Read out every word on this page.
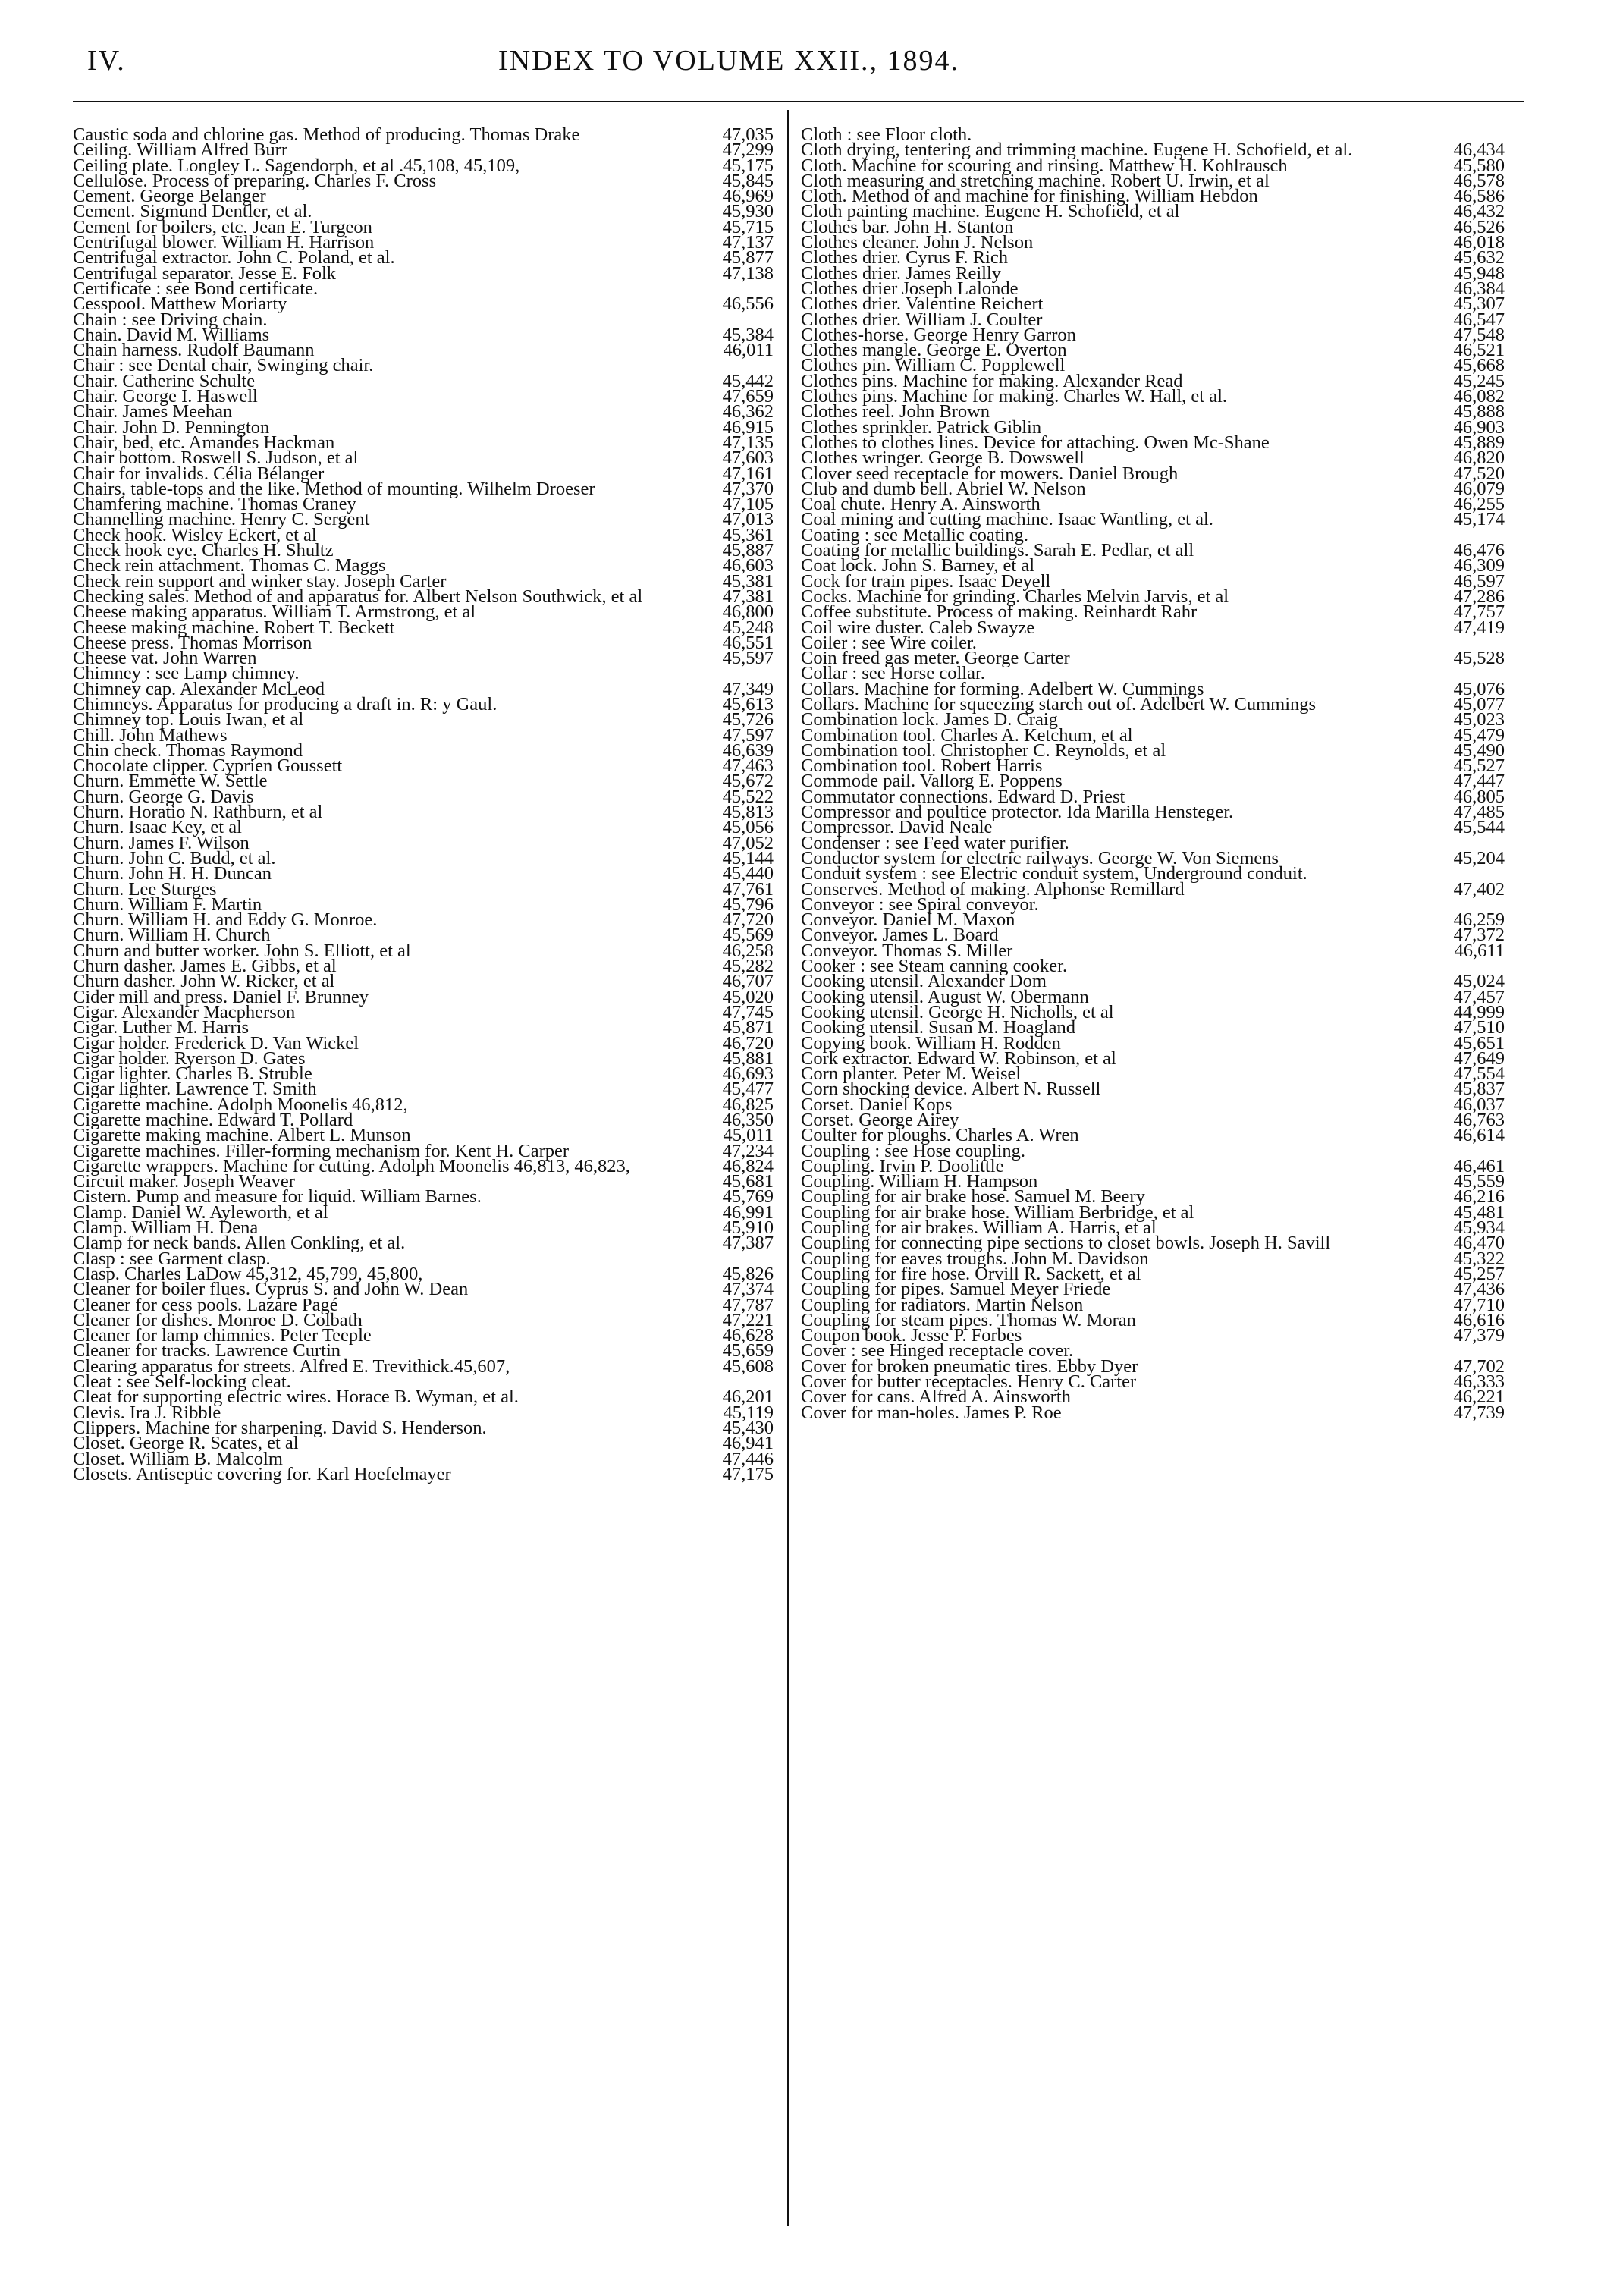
IV.	INDEX TO VOLUME XXII., 1894.
Caustic soda and chlorine gas. Method of producing. Thomas Drake	47,035
Ceiling. William Alfred Burr	47,299
Ceiling plate. Longley L. Sagendorph, et al .45,108, 45,109,	45,175
Cellulose. Process of preparing. Charles F. Cross	45,845
Cement. George Belanger	46,969
Cement. Sigmund Dentler, et al.	45,930
Cement for boilers, etc. Jean E. Turgeon	45,715
Centrifugal blower. William H. Harrison	47,137
Centrifugal extractor. John C. Poland, et al.	45,877
Centrifugal separator. Jesse E. Folk	47,138
Certificate : see Bond certificate.
Cesspool. Matthew Moriarty	46,556
Chain : see Driving chain.
Chain. David M. Williams	45,384
Chain harness. Rudolf Baumann	46,011
Chair : see Dental chair, Swinging chair.
Chair. Catherine Schulte	45,442
Chair. George I. Haswell	47,659
Chair. James Meehan	46,362
Chair. John D. Pennington	46,915
Chair, bed, etc. Amandes Hackman	47,135
Chair bottom. Roswell S. Judson, et al	47,603
Chair for invalids. Célia Bélanger	47,161
Chairs, table-tops and the like. Method of mounting. Wilhelm Droeser	47,370
Chamfering machine. Thomas Craney	47,105
Channelling machine. Henry C. Sergent	47,013
Check hook. Wisley Eckert, et al	45,361
Check hook eye. Charles H. Shultz	45,887
Check rein attachment. Thomas C. Maggs	46,603
Check rein support and winker stay. Joseph Carter	45,381
Checking sales. Method of and apparatus for. Albert Nelson Southwick, et al	47,381
Cheese making apparatus. William T. Armstrong, et al	46,800
Cheese making machine. Robert T. Beckett	45,248
Cheese press. Thomas Morrison	46,551
Cheese vat. John Warren	45,597
Chimney : see Lamp chimney.
Chimney cap. Alexander McLeod	47,349
Chimneys. Apparatus for producing a draft in. R: y Gaul.	45,613
Chimney top. Louis Iwan, et al	45,726
Chill. John Mathews	47,597
Chin check. Thomas Raymond	46,639
Chocolate clipper. Cyprien Goussett	47,463
Churn. Emmette W. Settle	45,672
Churn. George G. Davis	45,522
Churn. Horatio N. Rathburn, et al	45,813
Churn. Isaac Key, et al	45,056
Churn. James F. Wilson	47,052
Churn. John C. Budd, et al.	45,144
Churn. John H. H. Duncan	45,440
Churn. Lee Sturges	47,761
Churn. William F. Martin	45,796
Churn. William H. and Eddy G. Monroe.	47,720
Churn. William H. Church	45,569
Churn and butter worker. John S. Elliott, et al	46,258
Churn dasher. James E. Gibbs, et al	45,282
Churn dasher. John W. Ricker, et al	46,707
Cider mill and press. Daniel F. Brunney	45,020
Cigar. Alexander Macpherson	47,745
Cigar. Luther M. Harris	45,871
Cigar holder. Frederick D. Van Wickel	46,720
Cigar holder. Ryerson D. Gates	45,881
Cigar lighter. Charles B. Struble	46,693
Cigar lighter. Lawrence T. Smith	45,477
Cigarette machine. Adolph Moonelis 46,812,	46,825
Cigarette machine. Edward T. Pollard	46,350
Cigarette making machine. Albert L. Munson	45,011
Cigarette machines. Filler-forming mechanism for. Kent H. Carper	47,234
Cigarette wrappers. Machine for cutting. Adolph Moonelis 46,813, 46,823,	46,824
Circuit maker. Joseph Weaver	45,681
Cistern. Pump and measure for liquid. William Barnes.	45,769
Clamp. Daniel W. Ayleworth, et al	46,991
Clamp. William H. Dena	45,910
Clamp for neck bands. Allen Conkling, et al.	47,387
Clasp : see Garment clasp.
Clasp. Charles LaDow 45,312, 45,799, 45,800,	45,826
Cleaner for boiler flues. Cyprus S. and John W. Dean	47,374
Cleaner for cess pools. Lazare Pagé	47,787
Cleaner for dishes. Monroe D. Colbath	47,221
Cleaner for lamp chimnies. Peter Teeple	46,628
Cleaner for tracks. Lawrence Curtin	45,659
Clearing apparatus for streets. Alfred E. Trevithick.45,607,	45,608
Cleat : see Self-locking cleat.
Cleat for supporting electric wires. Horace B. Wyman, et al.	46,201
Clevis. Ira J. Ribble	45,119
Clippers. Machine for sharpening. David S. Henderson.	45,430
Closet. George R. Scates, et al	46,941
Closet. William B. Malcolm	47,446
Closets. Antiseptic covering for. Karl Hoefelmayer	47,175
Cloth : see Floor cloth.
Cloth drying, tentering and trimming machine. Eugene H. Schofield, et al.	46,434
Cloth. Machine for scouring and rinsing. Matthew H. Kohlrausch	45,580
Cloth measuring and stretching machine. Robert U. Irwin, et al	46,578
Cloth. Method of and machine for finishing. William Hebdon	46,586
Cloth painting machine. Eugene H. Schofield, et al	46,432
Clothes bar. John H. Stanton	46,526
Clothes cleaner. John J. Nelson	46,018
Clothes drier. Cyrus F. Rich	45,632
Clothes drier. James Reilly	45,948
Clothes drier Joseph Lalonde	46,384
Clothes drier. Valentine Reichert	45,307
Clothes drier. William J. Coulter	46,547
Clothes-horse. George Henry Garron	47,548
Clothes mangle. George E. Overton	46,521
Clothes pin. William C. Popplewell	45,668
Clothes pins. Machine for making. Alexander Read	45,245
Clothes pins. Machine for making. Charles W. Hall, et al.	46,082
Clothes reel. John Brown	45,888
Clothes sprinkler. Patrick Giblin	46,903
Clothes to clothes lines. Device for attaching. Owen Mc-Shane	45,889
Clothes wringer. George B. Dowswell	46,820
Clover seed receptacle for mowers. Daniel Brough	47,520
Club and dumb bell. Abriel W. Nelson	46,079
Coal chute. Henry A. Ainsworth	46,255
Coal mining and cutting machine. Isaac Wantling, et al.	45,174
Coating : see Metallic coating.
Coating for metallic buildings. Sarah E. Pedlar, et all	46,476
Coat lock. John S. Barney, et al	46,309
Cock for train pipes. Isaac Deyell	46,597
Cocks. Machine for grinding. Charles Melvin Jarvis, et al	47,286
Coffee substitute. Process of making. Reinhardt Rahr	47,757
Coil wire duster. Caleb Swayze	47,419
Coiler : see Wire coiler.
Coin freed gas meter. George Carter	45,528
Collar : see Horse collar.
Collars. Machine for forming. Adelbert W. Cummings	45,076
Collars. Machine for squeezing starch out of. Adelbert W. Cummings	45,077
Combination lock. James D. Craig	45,023
Combination tool. Charles A. Ketchum, et al	45,479
Combination tool. Christopher C. Reynolds, et al	45,490
Combination tool. Robert Harris	45,527
Commode pail. Vallorg E. Poppens	47,447
Commutator connections. Edward D. Priest	46,805
Compressor and poultice protector. Ida Marilla Hensteger.	47,485
Compressor. David Neale	45,544
Condenser : see Feed water purifier.
Conductor system for electric railways. George W. Von Siemens	45,204
Conduit system : see Electric conduit system, Underground conduit.
Conserves. Method of making. Alphonse Remillard	47,402
Conveyor : see Spiral conveyor.
Conveyor. Daniel M. Maxon	46,259
Conveyor. James L. Board	47,372
Conveyor. Thomas S. Miller	46,611
Cooker : see Steam canning cooker.
Cooking utensil. Alexander Dom	45,024
Cooking utensil. August W. Obermann	47,457
Cooking utensil. George H. Nicholls, et al	44,999
Cooking utensil. Susan M. Hoagland	47,510
Copying book. William H. Rodden	45,651
Cork extractor. Edward W. Robinson, et al	47,649
Corn planter. Peter M. Weisel	47,554
Corn shocking device. Albert N. Russell	45,837
Corset. Daniel Kops	46,037
Corset. George Airey	46,763
Coulter for ploughs. Charles A. Wren	46,614
Coupling : see Hose coupling.
Coupling. Irvin P. Doolittle	46,461
Coupling. William H. Hampson	45,559
Coupling for air brake hose. Samuel M. Beery	46,216
Coupling for air brake hose. William Berbridge, et al	45,481
Coupling for air brakes. William A. Harris, et al	45,934
Coupling for connecting pipe sections to closet bowls. Joseph H. Savill	46,470
Coupling for eaves troughs. John M. Davidson	45,322
Coupling for fire hose. Orvill R. Sackett, et al	45,257
Coupling for pipes. Samuel Meyer Friede	47,436
Coupling for radiators. Martin Nelson	47,710
Coupling for steam pipes. Thomas W. Moran	46,616
Coupon book. Jesse P. Forbes	47,379
Cover : see Hinged receptacle cover.
Cover for broken pneumatic tires. Ebby Dyer	47,702
Cover for butter receptacles. Henry C. Carter	46,333
Cover for cans. Alfred A. Ainsworth	46,221
Cover for man-holes. James P. Roe	47,739
